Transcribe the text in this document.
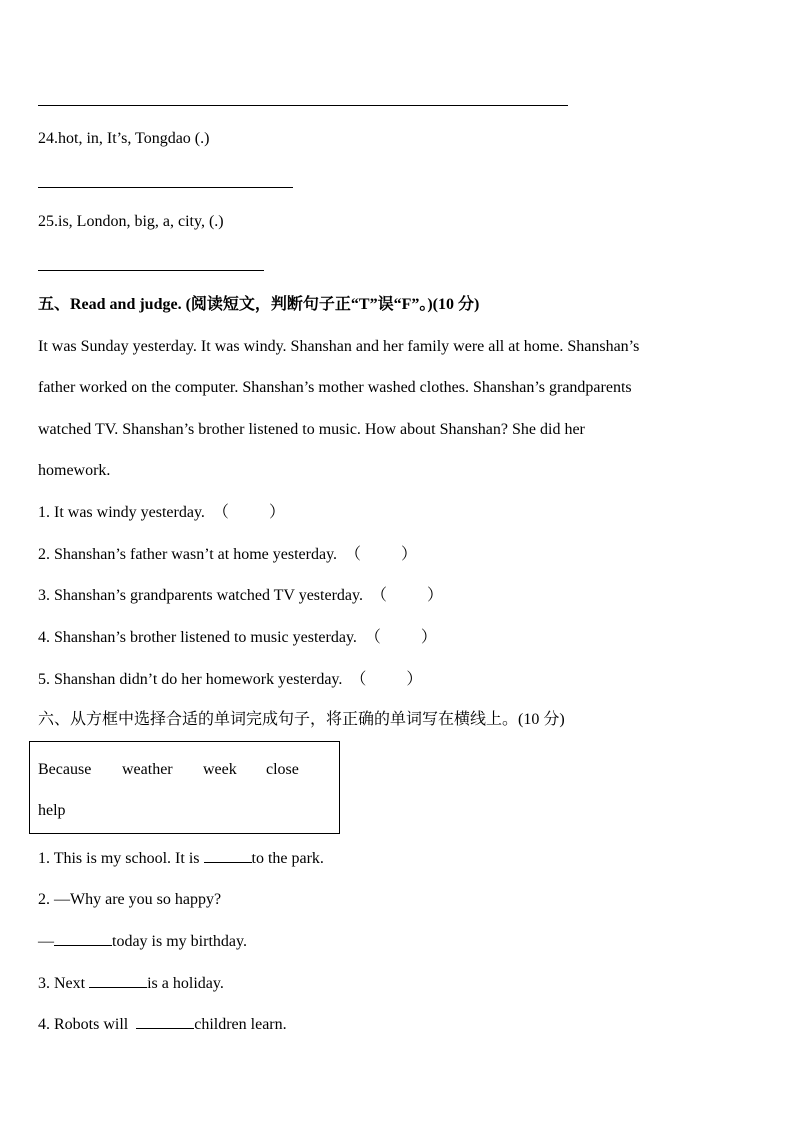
24.hot, in, It’s, Tongdao (.)
25.is, London, big, a, city, (.)
五、Read and judge. (阅读短文，判断句子正“T”误“F”。)(10 分)
It was Sunday yesterday. It was windy. Shanshan and her family were all at home. Shanshan’s
father worked on the computer. Shanshan’s mother washed clothes. Shanshan’s grandparents
watched TV. Shanshan’s brother listened to music. How about Shanshan? She did her
homework.
1. It was windy yesterday. （	）
2. Shanshan’s father wasn’t at home yesterday. （	）
3. Shanshan’s grandparents watched TV yesterday. （	）
4. Shanshan’s brother listened to music yesterday. （	）
5. Shanshan didn’t do her homework yesterday. （	）
六、从方框中选择合适的单词完成句子，将正确的单词写在横线上。(10 分)
Because weather week close
help
1. This is my school. It is	to the park.
2. —Why are you so happy?
—	today is my birthday.
3. Next	is a holiday.
4. Robots will	children learn.
